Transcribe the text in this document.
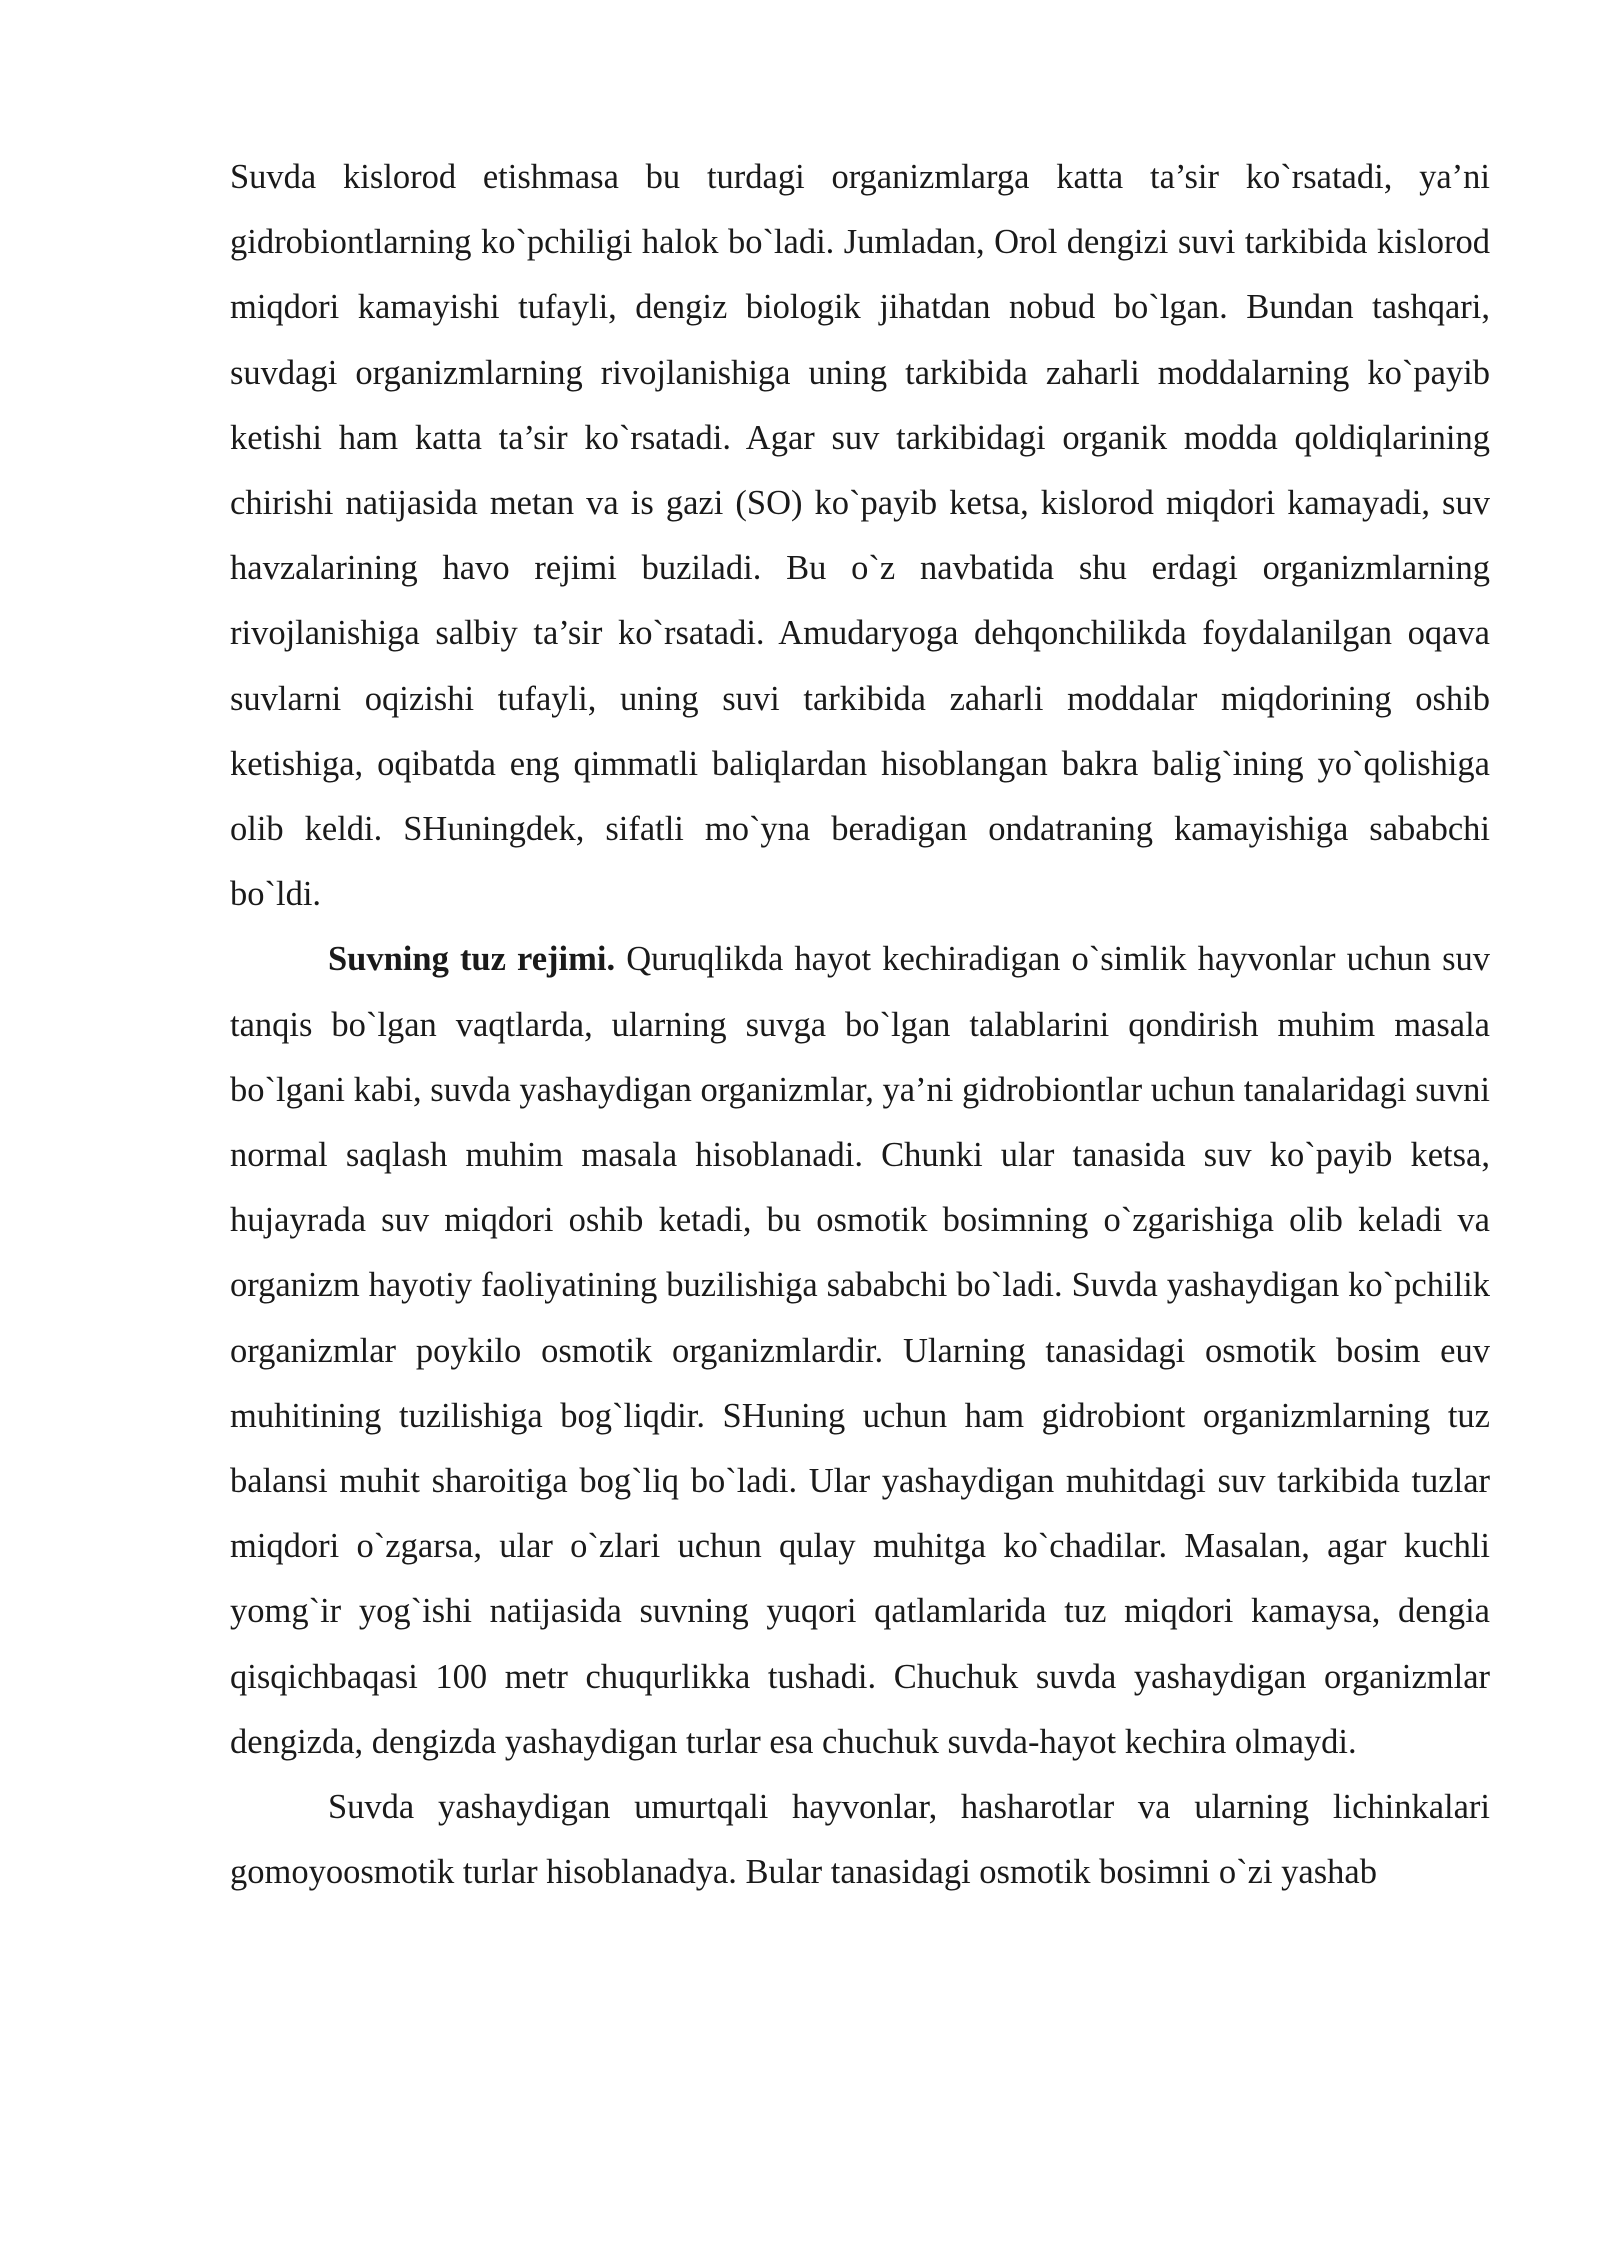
Suvda kislorod etishmasa bu turdagi organizmlarga katta ta’sir ko`rsatadi, ya’ni gidrobiontlarning ko`pchiligi halok bo`ladi. Jumladan, Orol dengizi suvi tarkibida kislorod miqdori kamayishi tufayli, dengiz biologik jihatdan nobud bo`lgan. Bundan tashqari, suvdagi organizmlarning rivojlanishiga uning tarkibida zaharli moddalarning ko`payib ketishi ham katta ta’sir ko`rsatadi. Agar suv tarkibidagi organik modda qoldiqlarining chirishi natijasida metan va is gazi (SO) ko`payib ketsa, kislorod miqdori kamayadi, suv havzalarining havo rejimi buziladi. Bu o`z navbatida shu erdagi organizmlarning rivojlanishiga salbiy ta’sir ko`rsatadi. Amudaryoga dehqonchilikda foydalanilgan oqava suvlarni oqizishi tufayli, uning suvi tarkibida zaharli moddalar miqdorining oshib ketishiga, oqibatda eng qimmatli baliqlardan hisoblangan bakra balig`ining yo`qolishiga olib keldi. SHuningdek, sifatli mo`yna beradigan ondatraning kamayishiga sababchi bo`ldi.

Suvning tuz rejimi. Quruqlikda hayot kechiradigan o`simlik hayvonlar uchun suv tanqis bo`lgan vaqtlarda, ularning suvga bo`lgan talablarini qondirish muhim masala bo`lgani kabi, suvda yashaydigan organizmlar, ya’ni gidrobiontlar uchun tanalaridagi suvni normal saqlash muhim masala hisoblanadi. Chunki ular tanasida suv ko`payib ketsa, hujayrada suv miqdori oshib ketadi, bu osmotik bosimning o`zgarishiga olib keladi va organizm hayotiy faoliyatining buzilishiga sababchi bo`ladi. Suvda yashaydigan ko`pchilik organizmlar poykilo osmotik organizmlardir. Ularning tanasidagi osmotik bosim euv muhitining tuzilishiga bog`liqdir. SHuning uchun ham gidrobiont organizmlarning tuz balansi muhit sharoitiga bog`liq bo`ladi. Ular yashaydigan muhitdagi suv tarkibida tuzlar miqdori o`zgarsa, ular o`zlari uchun qulay muhitga ko`chadilar. Masalan, agar kuchli yomg`ir yog`ishi natijasida suvning yuqori qatlamlarida tuz miqdori kamaysa, dengia qisqichbaqasi 100 metr chuqurlikka tushadi. Chuchuk suvda yashaydigan organizmlar dengizda, dengizda yashaydigan turlar esa chuchuk suvda-hayot kechira olmaydi.

Suvda yashaydigan umurtqali hayvonlar, hasharotlar va ularning lichinkalari gomoyoosmotik turlar hisoblanadya. Bular tanasidagi osmotik bosimni o`zi yashab
